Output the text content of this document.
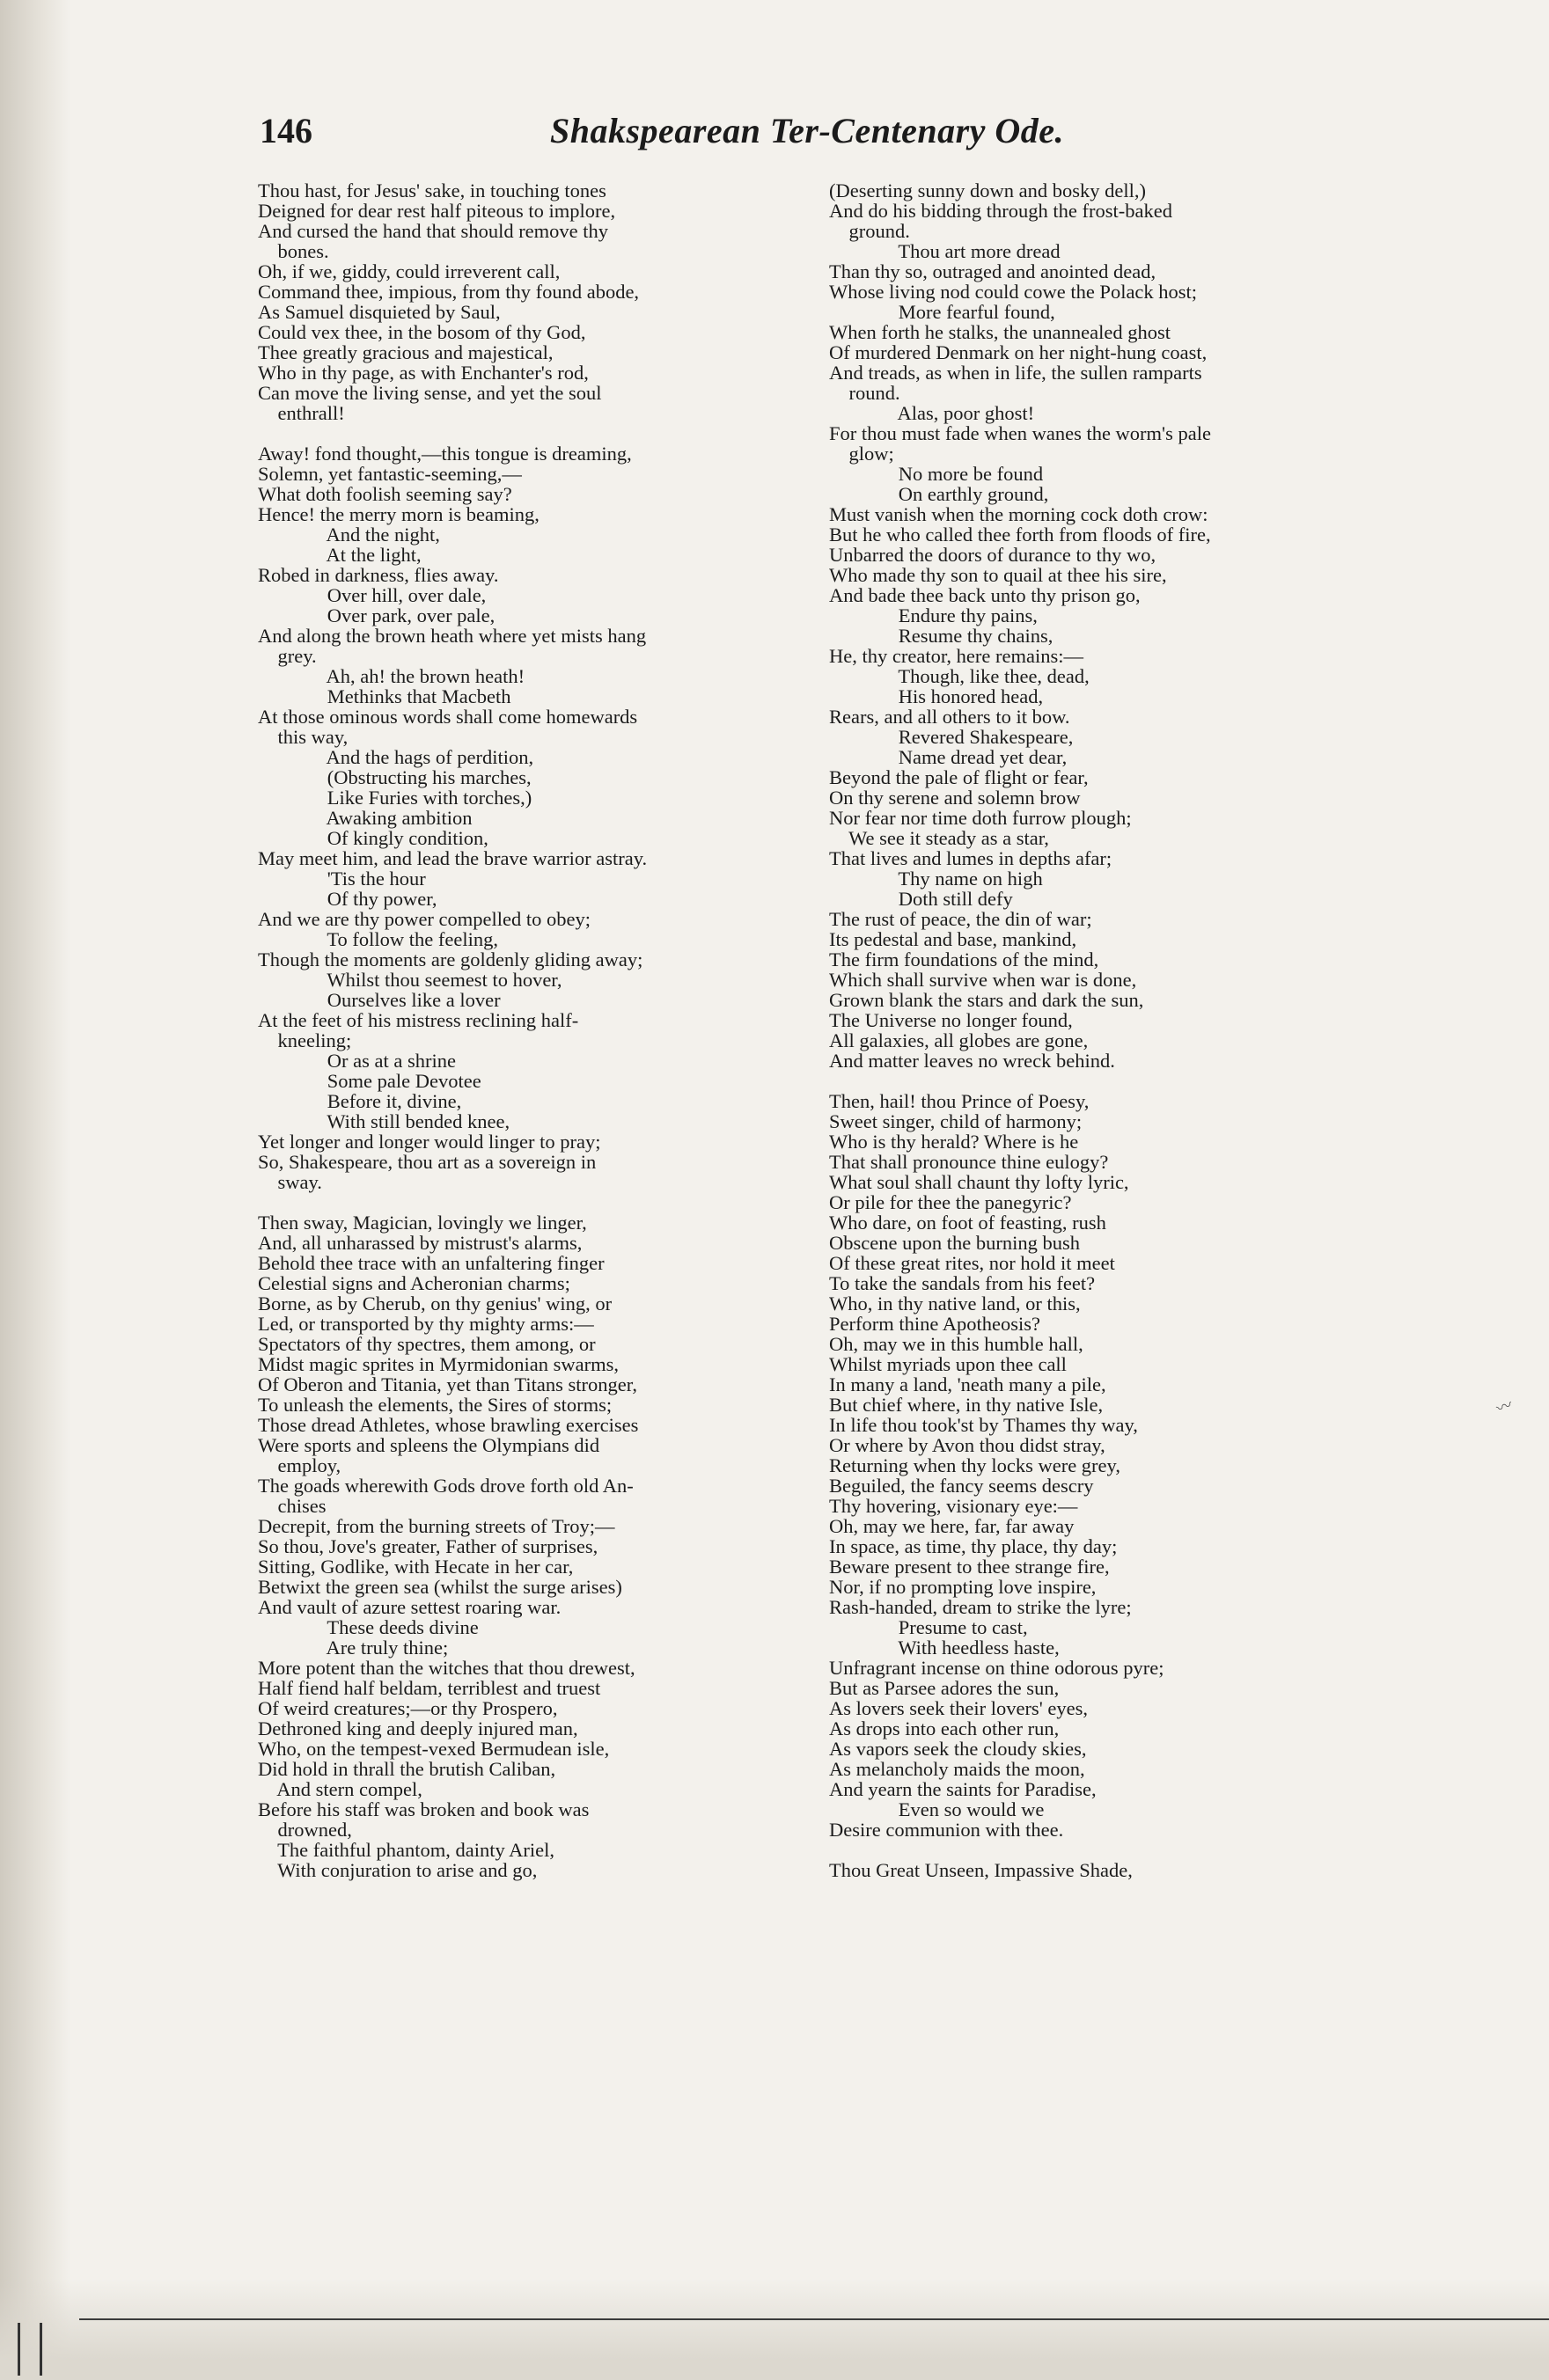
146	Shakspearean Ter-Centenary Ode.
Thou hast, for Jesus' sake, in touching tones
Deigned for dear rest half piteous to implore,
And cursed the hand that should remove thy
bones.
Oh, if we, giddy, could irreverent call,
Command thee, impious, from thy found abode,
As Samuel disquieted by Saul,
Could vex thee, in the bosom of thy God,
Thee greatly gracious and majestical,
Who in thy page, as with Enchanter's rod,
Can move the living sense, and yet the soul
enthrall!
Away! fond thought,—this tongue is dreaming,
Solemn, yet fantastic-seeming,—
What doth foolish seeming say?
Hence! the merry morn is beaming,
And the night,
At the light,
Robed in darkness, flies away.
Over hill, over dale,
Over park, over pale,
And along the brown heath where yet mists hang
grey.
Ah, ah! the brown heath!
Methinks that Macbeth
At those ominous words shall come homewards
this way,
And the hags of perdition,
(Obstructing his marches,
Like Furies with torches,)
Awaking ambition
Of kingly condition,
May meet him, and lead the brave warrior astray.
'Tis the hour
Of thy power,
And we are thy power compelled to obey;
To follow the feeling,
Though the moments are goldenly gliding away;
Whilst thou seemest to hover,
Ourselves like a lover
At the feet of his mistress reclining half-
kneeling;
Or as at a shrine
Some pale Devotee
Before it, divine,
With still bended knee,
Yet longer and longer would linger to pray;
So, Shakespeare, thou art as a sovereign in
sway.
Then sway, Magician, lovingly we linger,
And, all unharassed by mistrust's alarms,
Behold thee trace with an unfaltering finger
Celestial signs and Acheronian charms;
Borne, as by Cherub, on thy genius' wing, or
Led, or transported by thy mighty arms:—
Spectators of thy spectres, them among, or
Midst magic sprites in Myrmidonian swarms,
Of Oberon and Titania, yet than Titans stronger,
To unleash the elements, the Sires of storms;
Those dread Athletes, whose brawling exercises
Were sports and spleens the Olympians did
employ,
The goads wherewith Gods drove forth old An-
chises
Decrepit, from the burning streets of Troy;—
So thou, Jove's greater, Father of surprises,
Sitting, Godlike, with Hecate in her car,
Betwixt the green sea (whilst the surge arises)
And vault of azure settest roaring war.
These deeds divine
Are truly thine;
More potent than the witches that thou drewest,
Half fiend half beldam, terriblest and truest
Of weird creatures;—or thy Prospero,
Dethroned king and deeply injured man,
Who, on the tempest-vexed Bermudean isle,
Did hold in thrall the brutish Caliban,
And stern compel,
Before his staff was broken and book was
drowned,
The faithful phantom, dainty Ariel,
With conjuration to arise and go,
(Deserting sunny down and bosky dell,)
And do his bidding through the frost-baked
ground.
Thou art more dread
Than thy so, outraged and anointed dead,
Whose living nod could cowe the Polack host;
More fearful found,
When forth he stalks, the unannealed ghost
Of murdered Denmark on her night-hung coast,
And treads, as when in life, the sullen ramparts
round.
Alas, poor ghost!
For thou must fade when wanes the worm's pale
glow;
No more be found
On earthly ground,
Must vanish when the morning cock doth crow:
But he who called thee forth from floods of fire,
Unbarred the doors of durance to thy wo,
Who made thy son to quail at thee his sire,
And bade thee back unto thy prison go,
Endure thy pains,
Resume thy chains,
He, thy creator, here remains:—
Though, like thee, dead,
His honored head,
Rears, and all others to it bow.
Revered Shakespeare,
Name dread yet dear,
Beyond the pale of flight or fear,
On thy serene and solemn brow
Nor fear nor time doth furrow plough;
We see it steady as a star,
That lives and lumes in depths afar;
Thy name on high
Doth still defy
The rust of peace, the din of war;
Its pedestal and base, mankind,
The firm foundations of the mind,
Which shall survive when war is done,
Grown blank the stars and dark the sun,
The Universe no longer found,
All galaxies, all globes are gone,
And matter leaves no wreck behind.
Then, hail! thou Prince of Poesy,
Sweet singer, child of harmony;
Who is thy herald? Where is he
That shall pronounce thine eulogy?
What soul shall chaunt thy lofty lyric,
Or pile for thee the panegyric?
Who dare, on foot of feasting, rush
Obscene upon the burning bush
Of these great rites, nor hold it meet
To take the sandals from his feet?
Who, in thy native land, or this,
Perform thine Apotheosis?
Oh, may we in this humble hall,
Whilst myriads upon thee call
In many a land, 'neath many a pile,
But chief where, in thy native Isle,
In life thou took'st by Thames thy way,
Or where by Avon thou didst stray,
Returning when thy locks were grey,
Beguiled, the fancy seems descry
Thy hovering, visionary eye:—
Oh, may we here, far, far away
In space, as time, thy place, thy day;
Beware present to thee strange fire,
Nor, if no prompting love inspire,
Rash-handed, dream to strike the lyre;
Presume to cast,
With heedless haste,
Unfragrant incense on thine odorous pyre;
But as Parsee adores the sun,
As lovers seek their lovers' eyes,
As drops into each other run,
As vapors seek the cloudy skies,
As melancholy maids the moon,
And yearn the saints for Paradise,
Even so would we
Desire communion with thee.
Thou Great Unseen, Impassive Shade,
〰
